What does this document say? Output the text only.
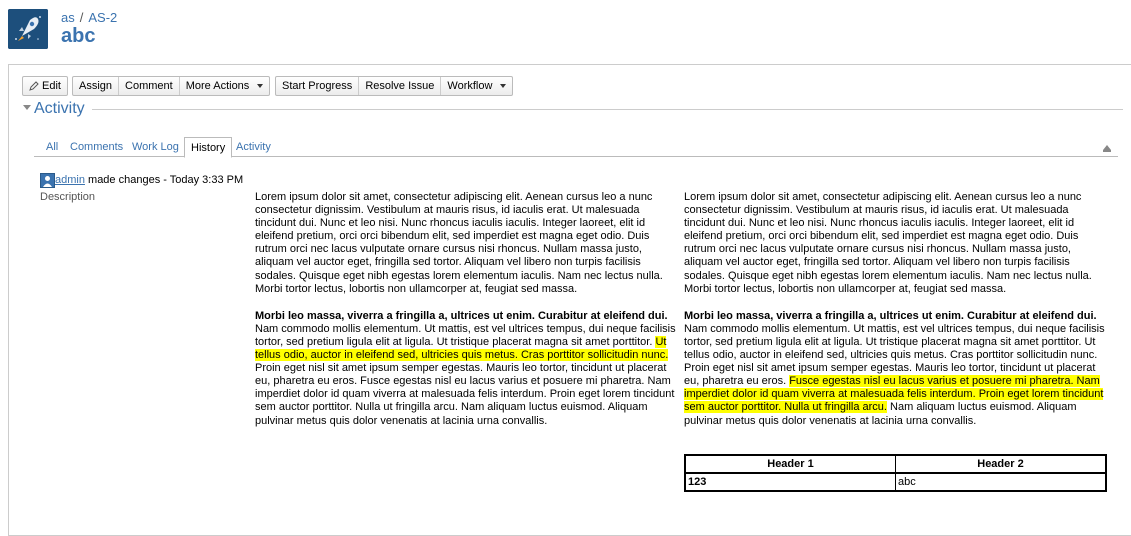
as / AS-2
abc
Edit	Assign	Comment	More Actions	Start Progress	Resolve Issue	Workflow
Activity
All	Comments Work Log	History Activity
admin made changes - Today 3:33 PM
Description	Lorem ipsum dolor sit amet, consectetur adipiscing elit. Aenean cursus leo a nunc consectetur dignissim. Vestibulum at mauris risus, id iaculis erat. Ut malesuada tincidunt dui. Nunc et leo nisi. Nunc rhoncus iaculis iaculis. Integer laoreet, elit id eleifend pretium, orci orci bibendum elit, sed imperdiet est magna eget odio. Duis rutrum orci nec lacus vulputate ornare cursus nisi rhoncus. Nullam massa justo, aliquam vel auctor eget, fringilla sed tortor. Aliquam vel libero non turpis facilisis sodales. Quisque eget nibh egestas lorem elementum iaculis. Nam nec lectus nulla. Morbi tortor lectus, lobortis non ullamcorper at, feugiat sed massa.

Morbi leo massa, viverra a fringilla a, ultrices ut enim. Curabitur at eleifend dui. Nam commodo mollis elementum. Ut mattis, est vel ultrices tempus, dui neque facilisis tortor, sed pretium ligula elit at ligula. Ut tristique placerat magna sit amet porttitor. Ut tellus odio, auctor in eleifend sed, ultricies quis metus. Cras porttitor sollicitudin nunc. Proin eget nisl sit amet ipsum semper egestas. Mauris leo tortor, tincidunt ut placerat eu, pharetra eu eros. Fusce egestas nisl eu lacus varius et posuere mi pharetra. Nam imperdiet dolor id quam viverra at malesuada felis interdum. Proin eget lorem tincidunt sem auctor porttitor. Nulla ut fringilla arcu. Nam aliquam luctus euismod. Aliquam pulvinar metus quis dolor venenatis at lacinia urna convallis.

Lorem ipsum dolor sit amet, consectetur adipiscing elit. Aenean cursus leo a nunc consectetur dignissim. Vestibulum at mauris risus, id iaculis erat. Ut malesuada tincidunt dui. Nunc et leo nisi. Nunc rhoncus iaculis iaculis. Integer laoreet, elit id eleifend pretium, orci orci bibendum elit, sed imperdiet est magna eget odio. Duis rutrum orci nec lacus vulputate ornare cursus nisi rhoncus. Nullam massa justo, aliquam vel auctor eget, fringilla sed tortor. Aliquam vel libero non turpis facilisis sodales. Quisque eget nibh egestas lorem elementum iaculis. Nam nec lectus nulla. Morbi tortor lectus, lobortis non ullamcorper at, feugiat sed massa.

Morbi leo massa, viverra a fringilla a, ultrices ut enim. Curabitur at eleifend dui. Nam commodo mollis elementum. Ut mattis, est vel ultrices tempus, dui neque facilisis tortor, sed pretium ligula elit at ligula. Ut tristique placerat magna sit amet porttitor. Ut tellus odio, auctor in eleifend sed, ultricies quis metus. Cras porttitor sollicitudin nunc. Proin eget nisl sit amet ipsum semper egestas. Mauris leo tortor, tincidunt ut placerat eu, pharetra eu eros. Fusce egestas nisl eu lacus varius et posuere mi pharetra. Nam imperdiet dolor id quam viverra at malesuada felis interdum. Proin eget lorem tincidunt sem auctor porttitor. Nulla ut fringilla arcu. Nam aliquam luctus euismod. Aliquam pulvinar metus quis dolor venenatis at lacinia urna convallis.

Header 1	Header 2
123	abc
